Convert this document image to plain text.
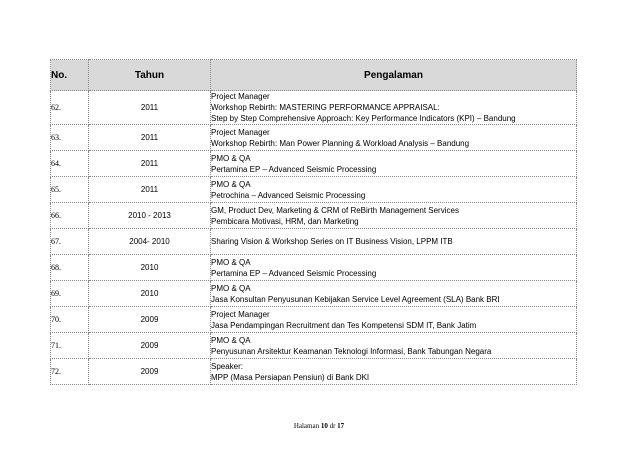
No.	Tahun	Pengalaman
62.	2011	Project Manager
Workshop Rebirth: MASTERING PERFORMANCE APPRAISAL:
Step by Step Comprehensive Approach: Key Performance Indicators (KPI) – Bandung

63.	2011	Project Manager
Workshop Rebirth: Man Power Planning & Workload Analysis – Bandung

64.	2011	PMO & QA
Pertamina EP – Advanced Seismic Processing

65.	2011	PMO & QA
Petrochina – Advanced Seismic Processing

66.	2010 - 2013	GM, Product Dev, Marketing & CRM of ReBirth Management Services
Pembicara Motivasi, HRM, dan Marketing

67.	2004- 2010	Sharing Vision & Workshop Series on IT Business Vision, LPPM ITB

68.	2010	PMO & QA
Pertamina EP – Advanced Seismic Processing

69.	2010	PMO & QA
Jasa Konsultan Penyusunan Kebijakan Service Level Agreement (SLA) Bank BRI

70.	2009	Project Manager
Jasa Pendampingan Recruitment dan Tes Kompetensi SDM IT, Bank Jatim

71.	2009	PMO & QA
Penyusunan Arsitektur Keamanan Teknologi Informasi, Bank Tabungan Negara

72.	2009	Speaker:
MPP (Masa Persiapan Pensiun) di Bank DKI
Halaman 10 dr 17
